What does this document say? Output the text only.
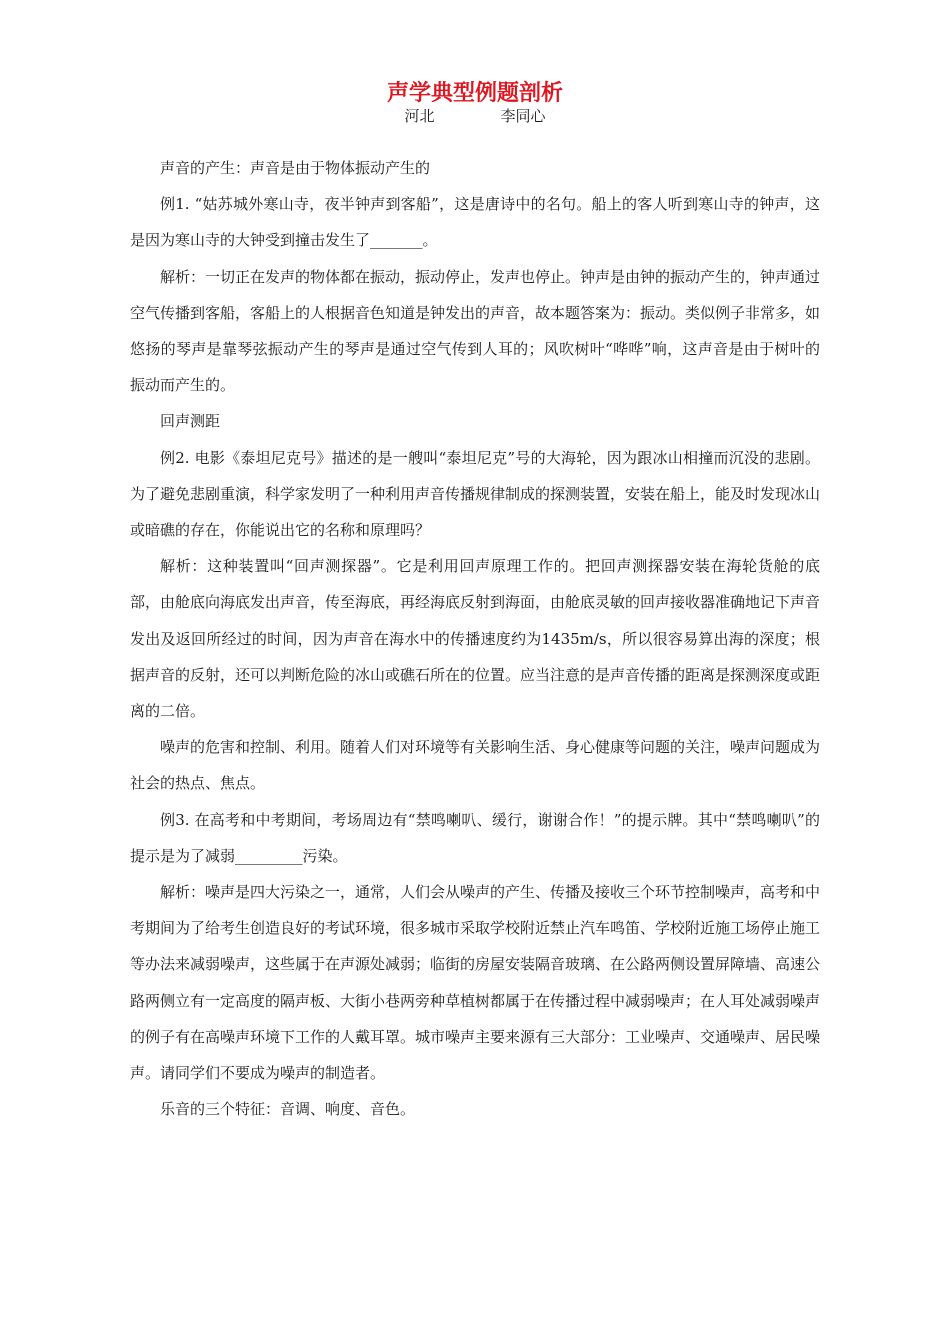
声学典型例题剖析
河北	李同心

声音的产生：声音是由于物体振动产生的

例1. “姑苏城外寒山寺，夜半钟声到客船”，这是唐诗中的名句。船上的客人听到寒山寺的钟声，这是因为寒山寺的大钟受到撞击发生了_______。

解析：一切正在发声的物体都在振动，振动停止，发声也停止。钟声是由钟的振动产生的，钟声通过空气传播到客船，客船上的人根据音色知道是钟发出的声音，故本题答案为：振动。类似例子非常多，如悠扬的琴声是靠琴弦振动产生的琴声是通过空气传到人耳的；风吹树叶“哗哗”响，这声音是由于树叶的振动而产生的。

回声测距

例2. 电影《泰坦尼克号》描述的是一艘叫“泰坦尼克”号的大海轮，因为跟冰山相撞而沉没的悲剧。为了避免悲剧重演，科学家发明了一种利用声音传播规律制成的探测装置，安装在船上，能及时发现冰山或暗礁的存在，你能说出它的名称和原理吗？

解析：这种装置叫“回声测探器”。它是利用回声原理工作的。把回声测探器安装在海轮货舱的底部，由舱底向海底发出声音，传至海底，再经海底反射到海面，由舱底灵敏的回声接收器准确地记下声音发出及返回所经过的时间，因为声音在海水中的传播速度约为1435m/s，所以很容易算出海的深度；根据声音的反射，还可以判断危险的冰山或礁石所在的位置。应当注意的是声音传播的距离是探测深度或距离的二倍。

噪声的危害和控制、利用。随着人们对环境等有关影响生活、身心健康等问题的关注，噪声问题成为社会的热点、焦点。

例3. 在高考和中考期间，考场周边有“禁鸣喇叭、缓行，谢谢合作！”的提示牌。其中“禁鸣喇叭”的提示是为了减弱_________污染。

解析：噪声是四大污染之一，通常，人们会从噪声的产生、传播及接收三个环节控制噪声，高考和中考期间为了给考生创造良好的考试环境，很多城市采取学校附近禁止汽车鸣笛、学校附近施工场停止施工等办法来减弱噪声，这些属于在声源处减弱；临街的房屋安装隔音玻璃、在公路两侧设置屏障墙、高速公路两侧立有一定高度的隔声板、大街小巷两旁种草植树都属于在传播过程中减弱噪声；在人耳处减弱噪声的例子有在高噪声环境下工作的人戴耳罩。城市噪声主要来源有三大部分：工业噪声、交通噪声、居民噪声。请同学们不要成为噪声的制造者。

乐音的三个特征：音调、响度、音色。
